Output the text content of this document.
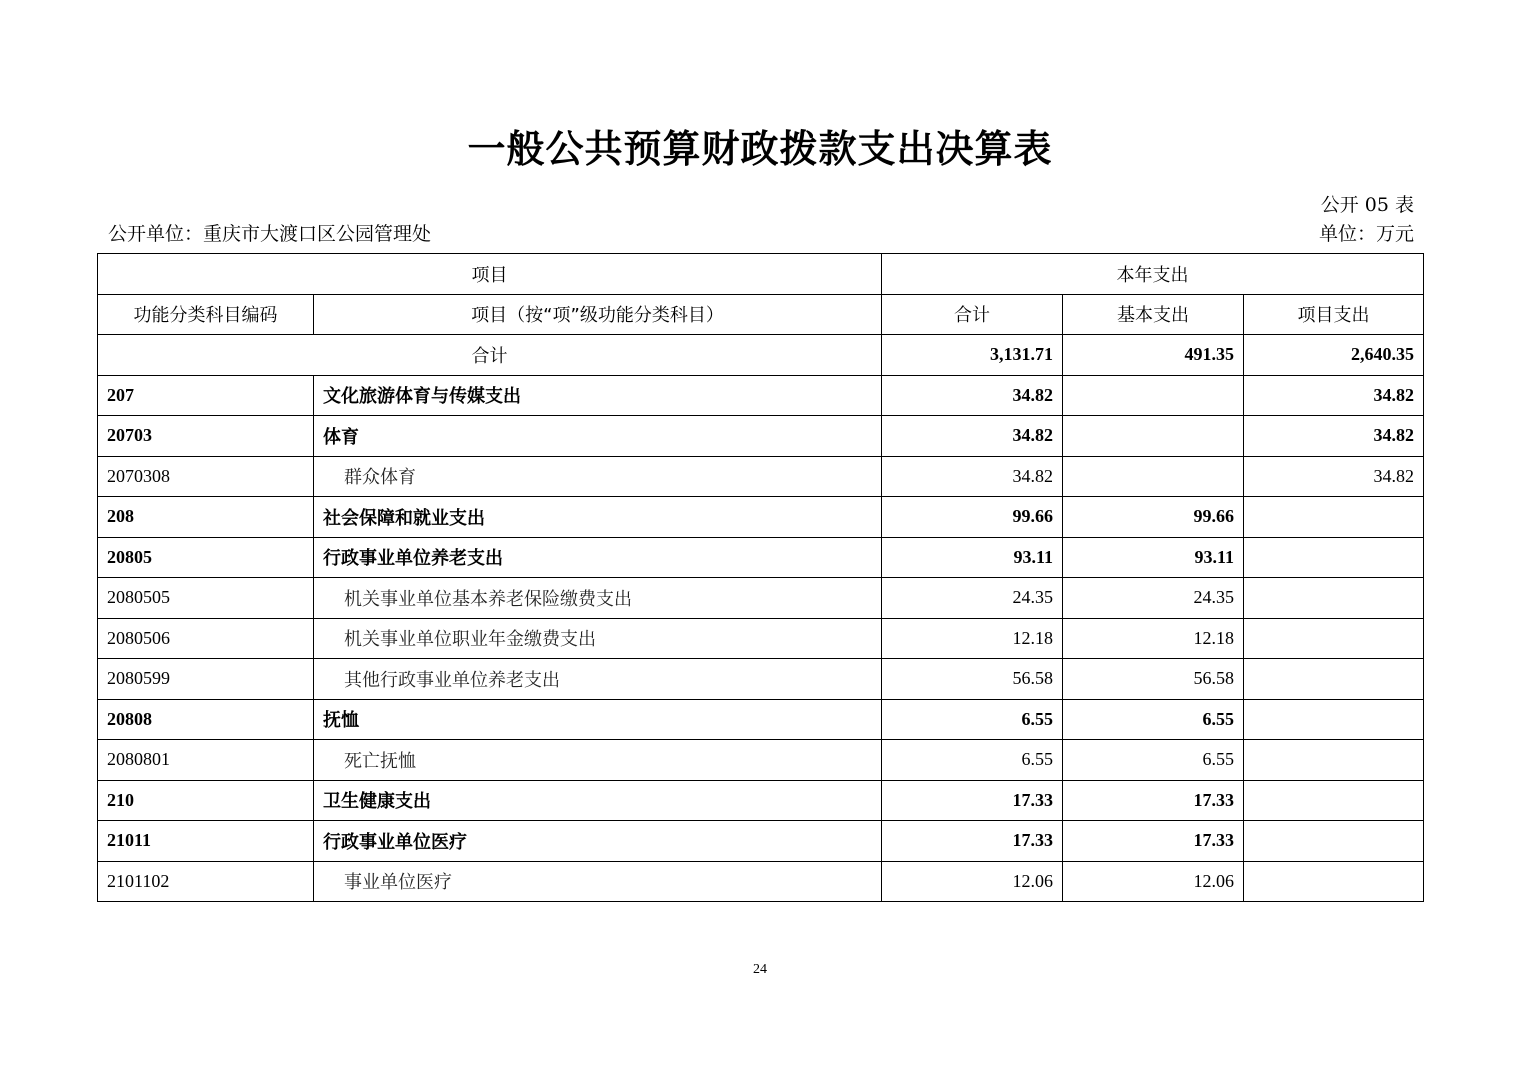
一般公共预算财政拨款支出决算表
公开 05 表
公开单位：重庆市大渡口区公园管理处	单位：万元
项目		本年支出		
功能分类科目编码	项目（按“项”级功能分类科目）	合计	基本支出	项目支出
合计		3,131.71	491.35	2,640.35
207	文化旅游体育与传媒支出	34.82		34.82
20703	体育	34.82		34.82
2070308	群众体育	34.82		34.82
208	社会保障和就业支出	99.66	99.66	
20805	行政事业单位养老支出	93.11	93.11	
2080505	机关事业单位基本养老保险缴费支出	24.35	24.35	
2080506	机关事业单位职业年金缴费支出	12.18	12.18	
2080599	其他行政事业单位养老支出	56.58	56.58	
20808	抚恤	6.55	6.55	
2080801	死亡抚恤	6.55	6.55	
210	卫生健康支出	17.33	17.33	
21011	行政事业单位医疗	17.33	17.33	
2101102	事业单位医疗	12.06	12.06	
24
